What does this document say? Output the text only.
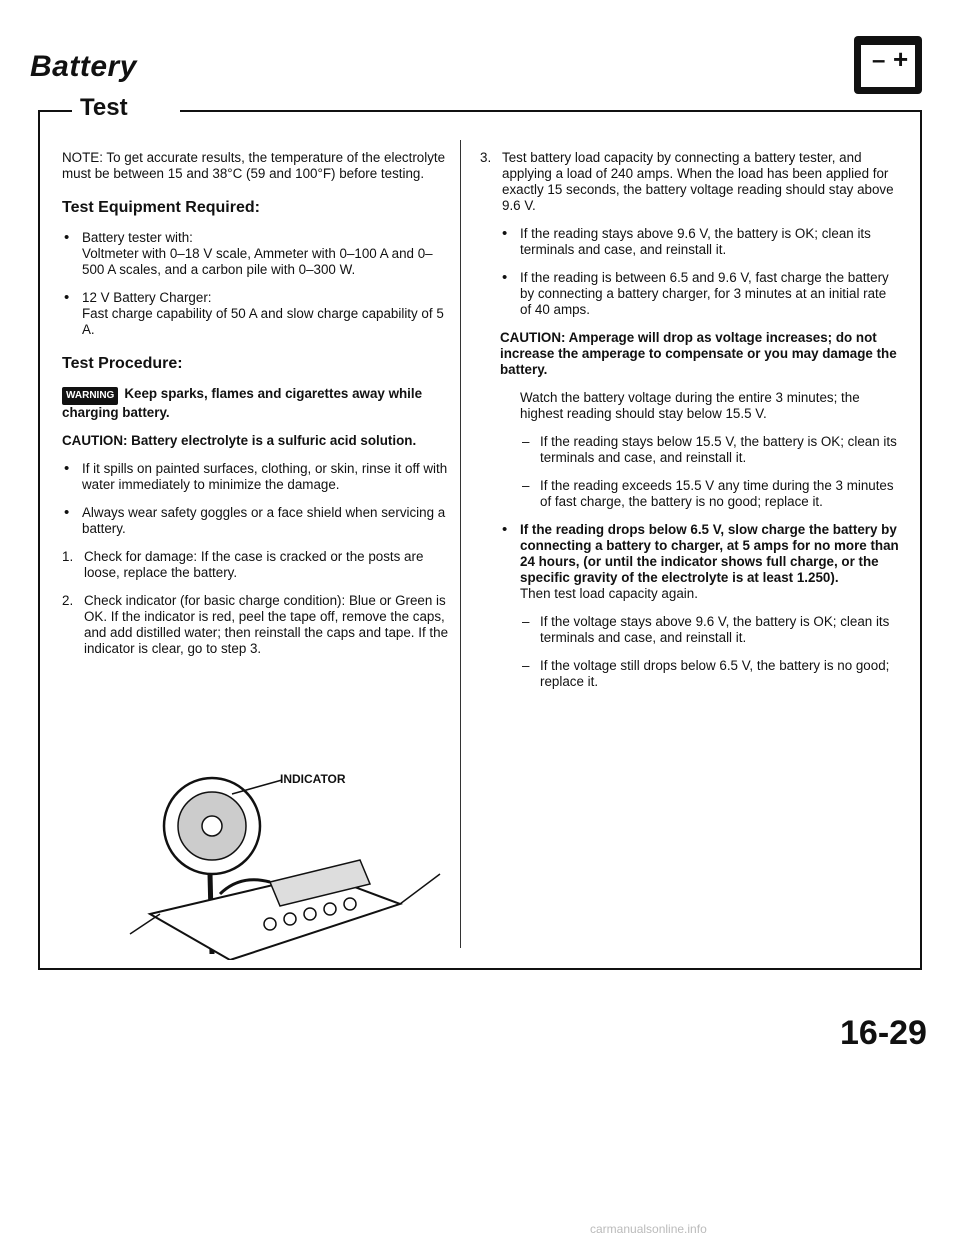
Battery	– +
Test

NOTE: To get accurate results, the temperature of the electrolyte must be between 15 and 38°C (59 and 100°F) before testing.

Test Equipment Required:
• Battery tester with:
Voltmeter with 0–18 V scale, Ammeter with 0–100 A and 0–500 A scales, and a carbon pile with 0–300 W.
• 12 V Battery Charger:
Fast charge capability of 50 A and slow charge capability of 5 A.
Test Procedure:

WARNING Keep sparks, flames and cigarettes away while charging battery.

CAUTION: Battery electrolyte is a sulfuric acid solution.

• If it spills on painted surfaces, clothing, or skin, rinse it off with water immediately to minimize the damage.
• Always wear safety goggles or a face shield when servicing a battery.
1. Check for damage: If the case is cracked or the posts are loose, replace the battery.
2. Check indicator (for basic charge condition): Blue or Green is OK. If the indicator is red, peel the tape off, remove the caps, and add distilled water; then reinstall the caps and tape. If the indicator is clear, go to step 3.
INDICATOR
3. Test battery load capacity by connecting a battery tester, and applying a load of 240 amps. When the load has been applied for exactly 15 seconds, the battery voltage reading should stay above 9.6 V.
• If the reading stays above 9.6 V, the battery is OK; clean its terminals and case, and reinstall it.
• If the reading is between 6.5 and 9.6 V, fast charge the battery by connecting a battery charger, for 3 minutes at an initial rate of 40 amps.

CAUTION: Amperage will drop as voltage increases; do not increase the amperage to compensate or you may damage the battery.

Watch the battery voltage during the entire 3 minutes; the highest reading should stay below 15.5 V.

– If the reading stays below 15.5 V, the battery is OK; clean its terminals and case, and reinstall it.
– If the reading exceeds 15.5 V any time during the 3 minutes of fast charge, the battery is no good; replace it.
• If the reading drops below 6.5 V, slow charge the battery by connecting a battery to charger, at 5 amps for no more than 24 hours, (or until the indicator shows full charge, or the specific gravity of the electrolyte is at least 1.250).
Then test load capacity again.
– If the voltage stays above 9.6 V, the battery is OK; clean its terminals and case, and reinstall it.
– If the voltage still drops below 6.5 V, the battery is no good; replace it.
16-29
carmanualsonline.info
